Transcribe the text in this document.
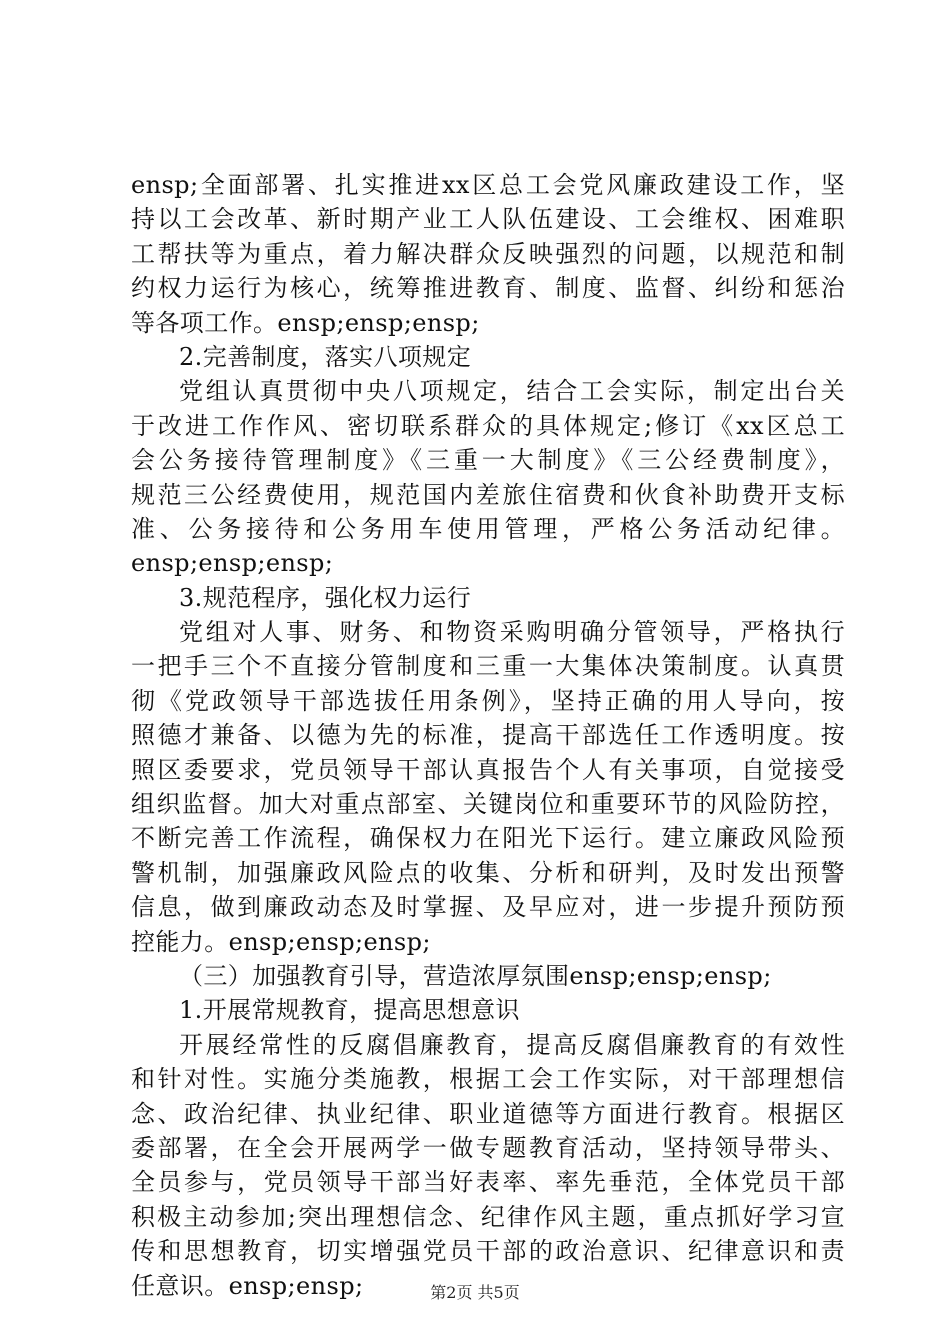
ensp;全面部署、扎实推进xx区总工会党风廉政建设工作，坚
持以工会改革、新时期产业工人队伍建设、工会维权、困难职
工帮扶等为重点，着力解决群众反映强烈的问题，以规范和制
约权力运行为核心，统筹推进教育、制度、监督、纠纷和惩治
等各项工作。ensp;ensp;ensp;
2.完善制度，落实八项规定
党组认真贯彻中央八项规定，结合工会实际，制定出台关
于改进工作作风、密切联系群众的具体规定;修订《xx区总工
会公务接待管理制度》《三重一大制度》《三公经费制度》，
规范三公经费使用，规范国内差旅住宿费和伙食补助费开支标
准、公务接待和公务用车使用管理，严格公务活动纪律。
ensp;ensp;ensp;
3.规范程序，强化权力运行
党组对人事、财务、和物资采购明确分管领导，严格执行
一把手三个不直接分管制度和三重一大集体决策制度。认真贯
彻《党政领导干部选拔任用条例》，坚持正确的用人导向，按
照德才兼备、以德为先的标准，提高干部选任工作透明度。按
照区委要求，党员领导干部认真报告个人有关事项，自觉接受
组织监督。加大对重点部室、关键岗位和重要环节的风险防控，
不断完善工作流程，确保权力在阳光下运行。建立廉政风险预
警机制，加强廉政风险点的收集、分析和研判，及时发出预警
信息，做到廉政动态及时掌握、及早应对，进一步提升预防预
控能力。ensp;ensp;ensp;
（三）加强教育引导，营造浓厚氛围ensp;ensp;ensp;
1.开展常规教育，提高思想意识
开展经常性的反腐倡廉教育，提高反腐倡廉教育的有效性
和针对性。实施分类施教，根据工会工作实际，对干部理想信
念、政治纪律、执业纪律、职业道德等方面进行教育。根据区
委部署，在全会开展两学一做专题教育活动，坚持领导带头、
全员参与，党员领导干部当好表率、率先垂范，全体党员干部
积极主动参加;突出理想信念、纪律作风主题，重点抓好学习宣
传和思想教育，切实增强党员干部的政治意识、纪律意识和责
任意识。ensp;ensp;	第2页 共5页
